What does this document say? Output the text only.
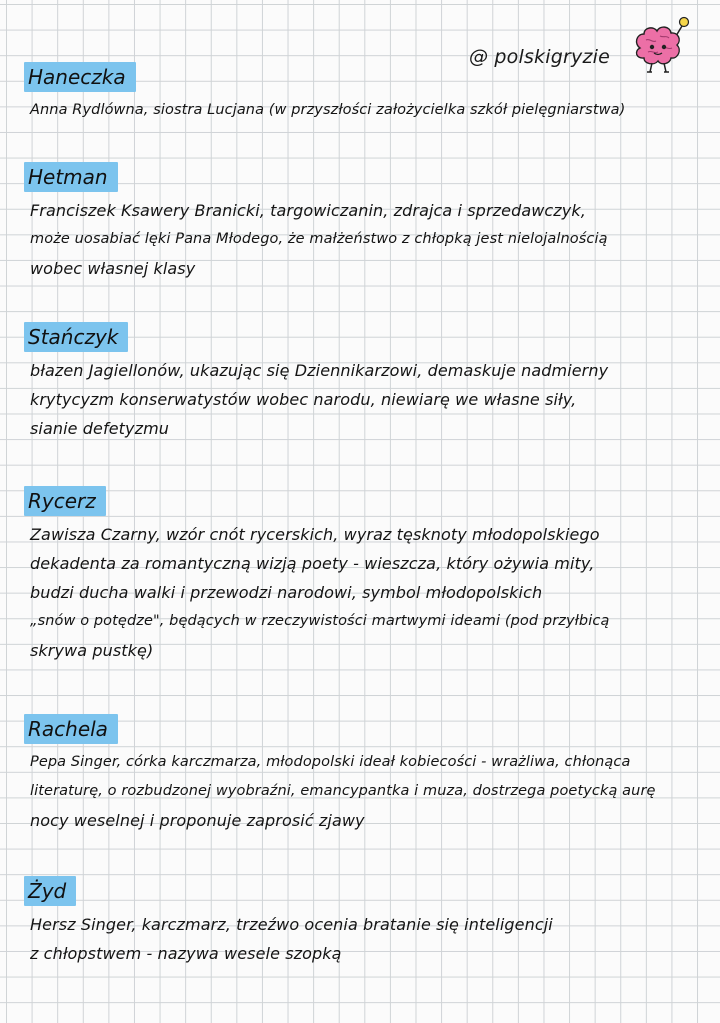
@ polskigryzie
Haneczka
Anna Rydlówna, siostra Lucjana (w przyszłości założycielka szkół pielęgniarstwa)
Hetman
Franciszek Ksawery Branicki, targowiczanin, zdrajca i sprzedawczyk,
może uosabiać lęki Pana Młodego, że małżeństwo z chłopką jest nielojalnością
wobec własnej klasy
Stańczyk
błazen Jagiellonów, ukazując się Dziennikarzowi, demaskuje nadmierny
krytycyzm konserwatystów wobec narodu, niewiarę we własne siły,
sianie defetyzmu
Rycerz
Zawisza Czarny, wzór cnót rycerskich, wyraz tęsknoty młodopolskiego
dekadenta za romantyczną wizją poety - wieszcza, który ożywia mity,
budzi ducha walki i przewodzi narodowi, symbol młodopolskich
„snów o potędze", będących w rzeczywistości martwymi ideami (pod przyłbicą
skrywa pustkę)
Rachela
Pepa Singer, córka karczmarza, młodopolski ideał kobiecości - wrażliwa, chłonąca
literaturę, o rozbudzonej wyobraźni, emancypantka i muza, dostrzega poetycką aurę
nocy weselnej i proponuje zaprosić zjawy
Żyd
Hersz Singer, karczmarz, trzeźwo ocenia bratanie się inteligencji
z chłopstwem - nazywa wesele szopką
